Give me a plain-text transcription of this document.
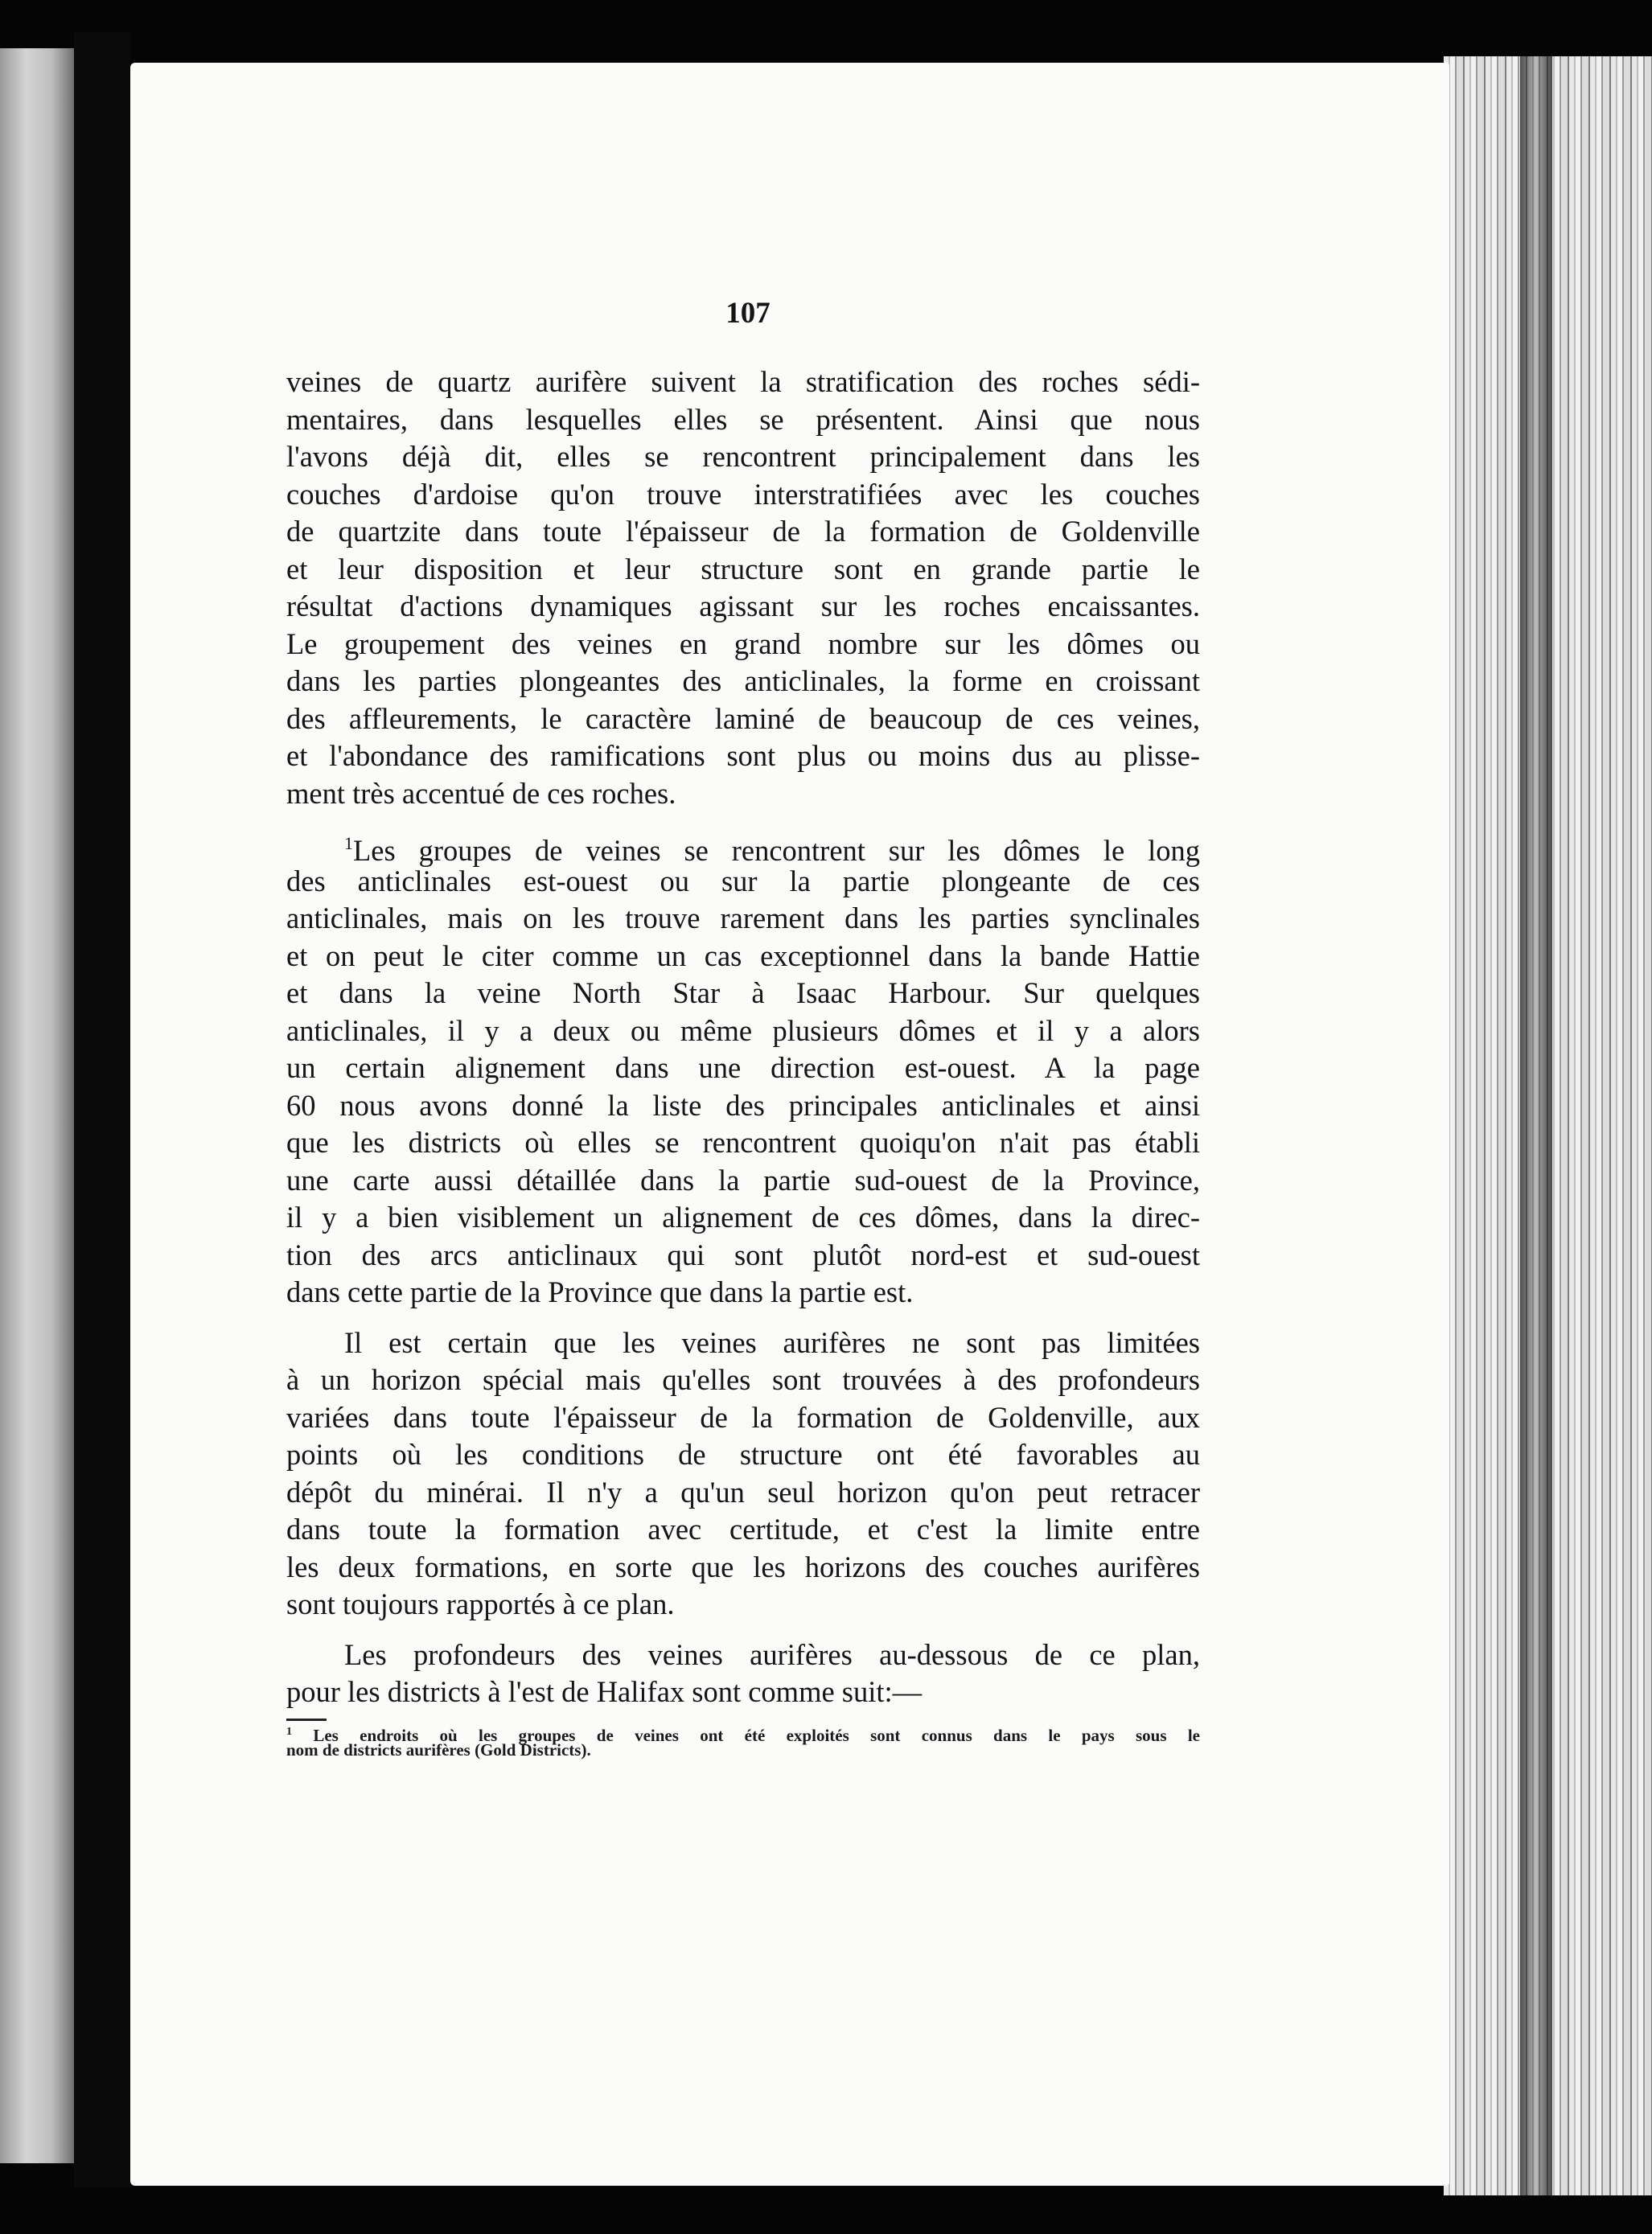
107
veines de quartz aurifère suivent la stratification des roches sédi-
mentaires, dans lesquelles elles se présentent. Ainsi que nous
l'avons déjà dit, elles se rencontrent principalement dans les
couches d'ardoise qu'on trouve interstratifiées avec les couches
de quartzite dans toute l'épaisseur de la formation de Goldenville
et leur disposition et leur structure sont en grande partie le
résultat d'actions dynamiques agissant sur les roches encaissantes.
Le groupement des veines en grand nombre sur les dômes ou
dans les parties plongeantes des anticlinales, la forme en croissant
des affleurements, le caractère laminé de beaucoup de ces veines,
et l'abondance des ramifications sont plus ou moins dus au plisse-
ment très accentué de ces roches.
$^1$Les groupes de veines se rencontrent sur les dômes le long
des anticlinales est-ouest ou sur la partie plongeante de ces
anticlinales, mais on les trouve rarement dans les parties synclinales
et on peut le citer comme un cas exceptionnel dans la bande Hattie
et dans la veine North Star à Isaac Harbour. Sur quelques
anticlinales, il y a deux ou même plusieurs dômes et il y a alors
un certain alignement dans une direction est-ouest. A la page
60 nous avons donné la liste des principales anticlinales et ainsi
que les districts où elles se rencontrent quoiqu'on n'ait pas établi
une carte aussi détaillée dans la partie sud-ouest de la Province,
il y a bien visiblement un alignement de ces dômes, dans la direc-
tion des arcs anticlinaux qui sont plutôt nord-est et sud-ouest
dans cette partie de la Province que dans la partie est.
Il est certain que les veines aurifères ne sont pas limitées
à un horizon spécial mais qu'elles sont trouvées à des profondeurs
variées dans toute l'épaisseur de la formation de Goldenville, aux
points où les conditions de structure ont été favorables au
dépôt du minérai. Il n'y a qu'un seul horizon qu'on peut retracer
dans toute la formation avec certitude, et c'est la limite entre
les deux formations, en sorte que les horizons des couches aurifères
sont toujours rapportés à ce plan.
Les profondeurs des veines aurifères au-dessous de ce plan,
pour les districts à l'est de Halifax sont comme suit:—
$^1$ Les endroits où les groupes de veines ont été exploités sont connus dans le pays sous le
nom de districts aurifères (Gold Districts).
